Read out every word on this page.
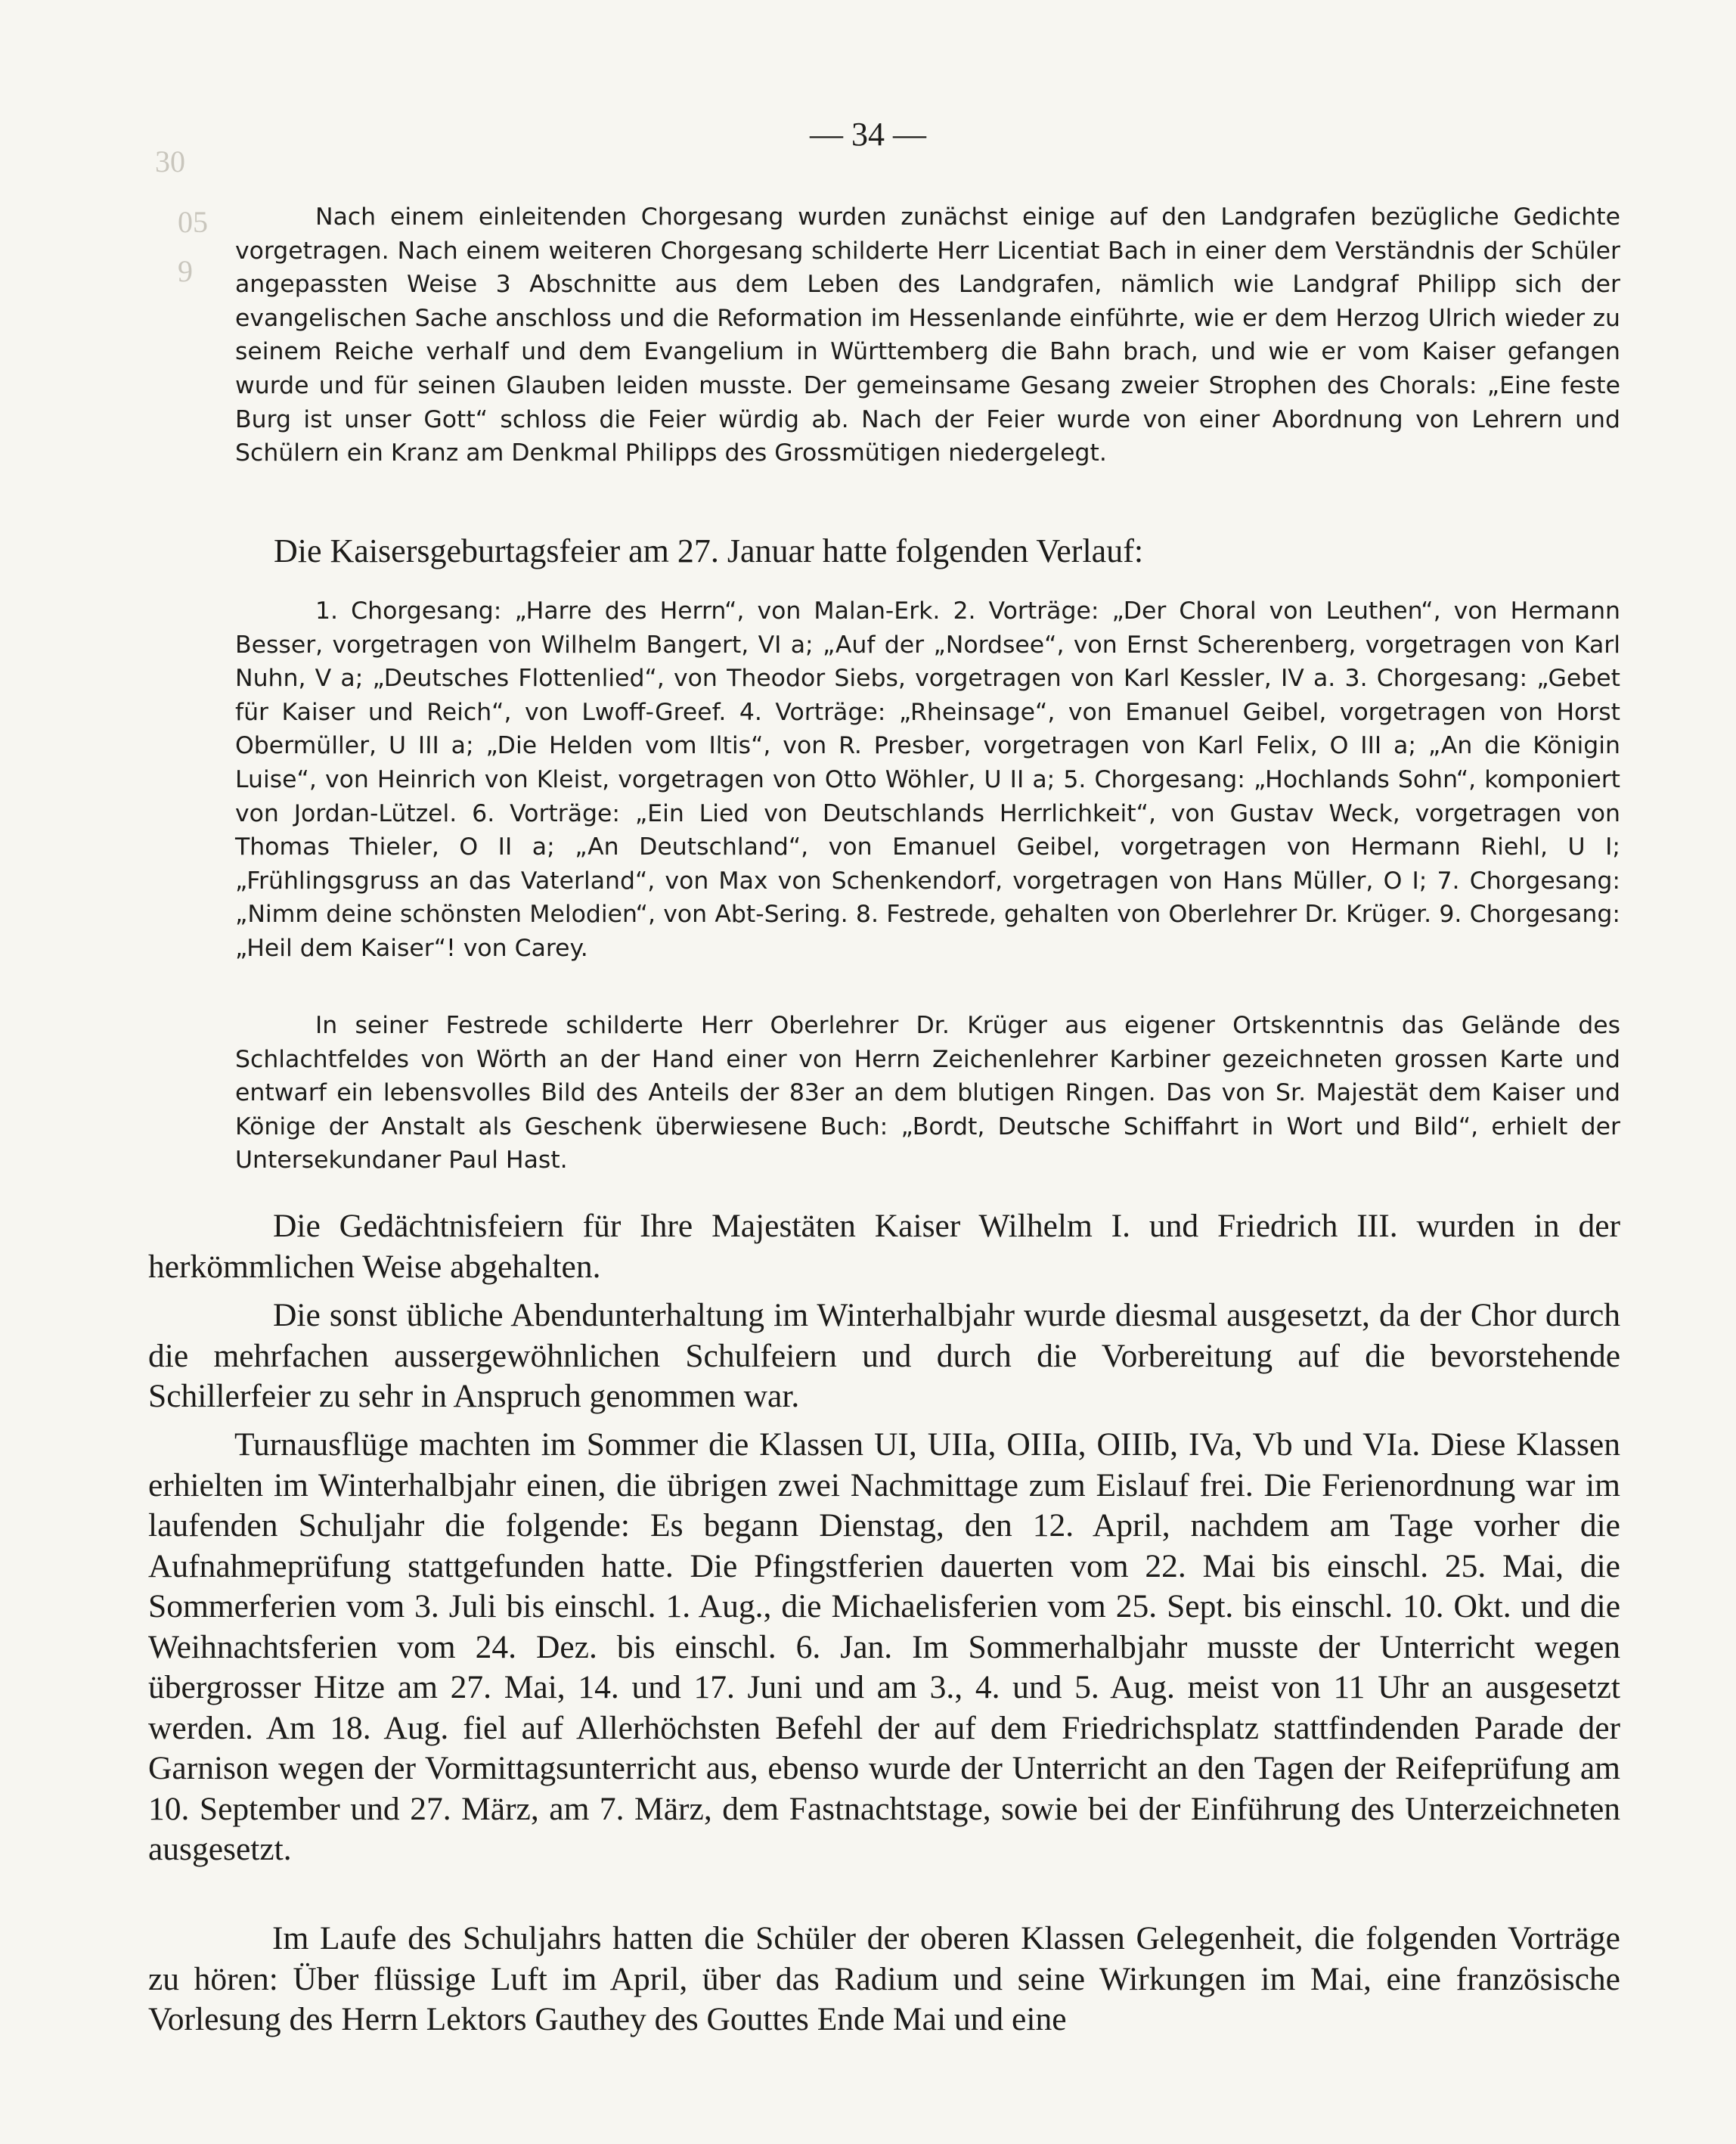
— 34 —
30
05
9

Nach einem einleitenden Chorgesang wurden zunächst einige auf den Landgrafen bezügliche Gedichte vorgetragen. Nach einem weiteren Chorgesang schilderte Herr Licentiat Bach in einer dem Verständnis der Schüler angepassten Weise 3 Abschnitte aus dem Leben des Landgrafen, nämlich wie Landgraf Philipp sich der evangelischen Sache anschloss und die Reformation im Hessenlande einführte, wie er dem Herzog Ulrich wieder zu seinem Reiche verhalf und dem Evangelium in Württemberg die Bahn brach, und wie er vom Kaiser gefangen wurde und für seinen Glauben leiden musste. Der gemeinsame Gesang zweier Strophen des Chorals: „Eine feste Burg ist unser Gott“ schloss die Feier würdig ab. Nach der Feier wurde von einer Abordnung von Lehrern und Schülern ein Kranz am Denkmal Philipps des Grossmütigen niedergelegt.

Die Kaisersgeburtagsfeier am 27. Januar hatte folgenden Verlauf:

1. Chorgesang: „Harre des Herrn“, von Malan-Erk. 2. Vorträge: „Der Choral von Leuthen“, von Hermann Besser, vorgetragen von Wilhelm Bangert, VI a; „Auf der „Nordsee“, von Ernst Scherenberg, vorgetragen von Karl Nuhn, V a; „Deutsches Flottenlied“, von Theodor Siebs, vorgetragen von Karl Kessler, IV a. 3. Chorgesang: „Gebet für Kaiser und Reich“, von Lwoff-Greef. 4. Vorträge: „Rheinsage“, von Emanuel Geibel, vorgetragen von Horst Obermüller, U III a; „Die Helden vom Iltis“, von R. Presber, vorgetragen von Karl Felix, O III a; „An die Königin Luise“, von Heinrich von Kleist, vorgetragen von Otto Wöhler, U II a; 5. Chorgesang: „Hochlands Sohn“, komponiert von Jordan-Lützel. 6. Vorträge: „Ein Lied von Deutschlands Herrlichkeit“, von Gustav Weck, vorgetragen von Thomas Thieler, O II a; „An Deutschland“, von Emanuel Geibel, vorgetragen von Hermann Riehl, U I; „Frühlingsgruss an das Vaterland“, von Max von Schenkendorf, vorgetragen von Hans Müller, O I; 7. Chorgesang: „Nimm deine schönsten Melodien“, von Abt-Sering. 8. Festrede, gehalten von Oberlehrer Dr. Krüger. 9. Chorgesang: „Heil dem Kaiser“! von Carey.

In seiner Festrede schilderte Herr Oberlehrer Dr. Krüger aus eigener Ortskenntnis das Gelände des Schlachtfeldes von Wörth an der Hand einer von Herrn Zeichenlehrer Karbiner gezeichneten grossen Karte und entwarf ein lebensvolles Bild des Anteils der 83er an dem blutigen Ringen. Das von Sr. Majestät dem Kaiser und Könige der Anstalt als Geschenk überwiesene Buch: „Bordt, Deutsche Schiffahrt in Wort und Bild“, erhielt der Untersekundaner Paul Hast.

Die Gedächtnisfeiern für Ihre Majestäten Kaiser Wilhelm I. und Friedrich III. wurden in der herkömmlichen Weise abgehalten.

Die sonst übliche Abendunterhaltung im Winterhalbjahr wurde diesmal ausgesetzt, da der Chor durch die mehrfachen aussergewöhnlichen Schulfeiern und durch die Vorbereitung auf die bevorstehende Schillerfeier zu sehr in Anspruch genommen war.

Turnausflüge machten im Sommer die Klassen UI, UIIa, OIIIa, OIIIb, IVa, Vb und VIa. Diese Klassen erhielten im Winterhalbjahr einen, die übrigen zwei Nachmittage zum Eislauf frei. Die Ferienordnung war im laufenden Schuljahr die folgende: Es begann Dienstag, den 12. April, nachdem am Tage vorher die Aufnahmeprüfung stattgefunden hatte. Die Pfingstferien dauerten vom 22. Mai bis einschl. 25. Mai, die Sommerferien vom 3. Juli bis einschl. 1. Aug., die Michaelisferien vom 25. Sept. bis einschl. 10. Okt. und die Weihnachtsferien vom 24. Dez. bis einschl. 6. Jan. Im Sommerhalbjahr musste der Unterricht wegen übergrosser Hitze am 27. Mai, 14. und 17. Juni und am 3., 4. und 5. Aug. meist von 11 Uhr an ausgesetzt werden. Am 18. Aug. fiel auf Allerhöchsten Befehl der auf dem Friedrichsplatz stattfindenden Parade der Garnison wegen der Vormittagsunterricht aus, ebenso wurde der Unterricht an den Tagen der Reifeprüfung am 10. September und 27. März, am 7. März, dem Fastnachtstage, sowie bei der Einführung des Unterzeichneten ausgesetzt.

Im Laufe des Schuljahrs hatten die Schüler der oberen Klassen Gelegenheit, die folgenden Vorträge zu hören: Über flüssige Luft im April, über das Radium und seine Wirkungen im Mai, eine französische Vorlesung des Herrn Lektors Gauthey des Gouttes Ende Mai und eine
